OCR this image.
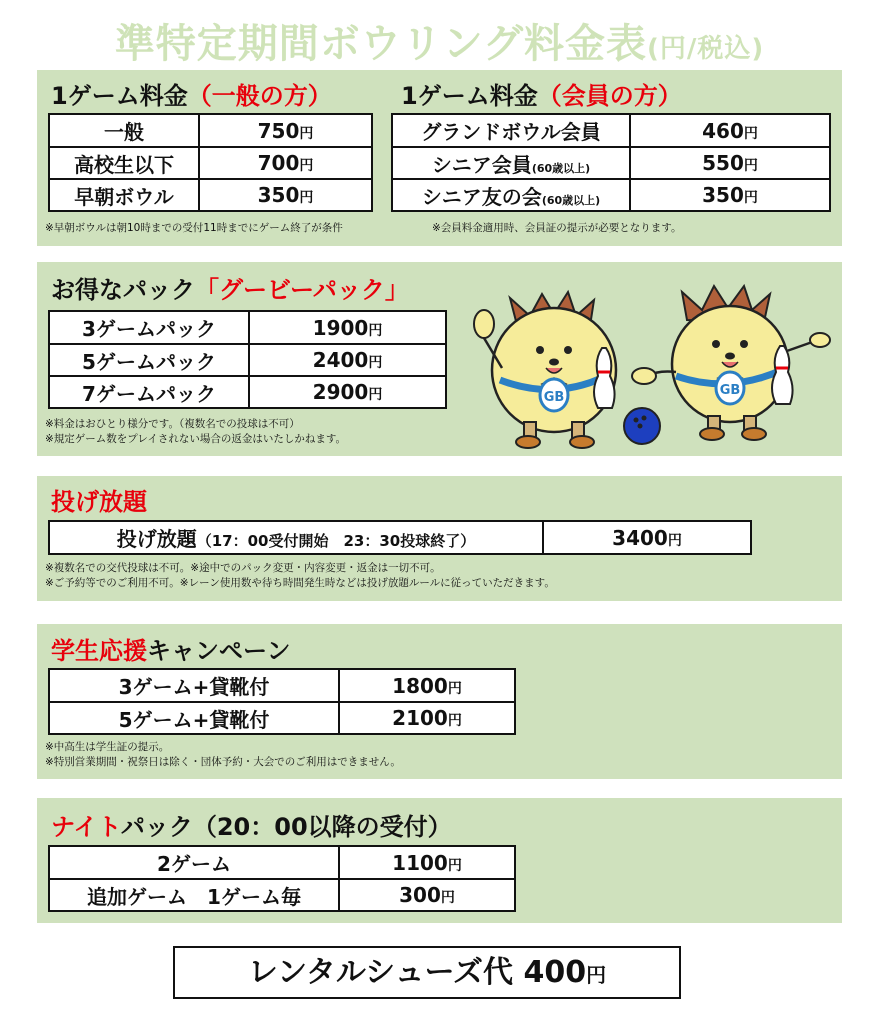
準特定期間ボウリング料金表(円/税込)
1ゲーム料金（一般の方）
一般	750円
高校生以下	700円
早朝ボウル	350円
※早朝ボウルは朝10時までの受付11時までにゲーム終了が条件
1ゲーム料金（会員の方）
グランドボウル会員	460円
シニア会員(60歳以上)	550円
シニア友の会(60歳以上)	350円
※会員料金適用時、会員証の提示が必要となります。
お得なパック「グービーパック」
3ゲームパック	1900円
5ゲームパック	2400円
7ゲームパック	2900円
※料金はおひとり様分です。（複数名での投球は不可）
※規定ゲーム数をプレイされない場合の返金はいたしかねます。
GB	GB
投げ放題
投げ放題（17：00受付開始　23：30投球終了）	3400円
※複数名での交代投球は不可。※途中でのパック変更・内容変更・返金は一切不可。
※ご予約等でのご利用不可。※レーン使用数や待ち時間発生時などは投げ放題ルールに従っていただきます。
学生応援キャンペーン
3ゲーム+貸靴付	1800円
5ゲーム+貸靴付	2100円
※中高生は学生証の提示。
※特別営業期間・祝祭日は除く・団体予約・大会でのご利用はできません。
ナイトパック（20：00以降の受付）
2ゲーム	1100円
追加ゲーム　1ゲーム毎	300円
レンタルシューズ代 400円
